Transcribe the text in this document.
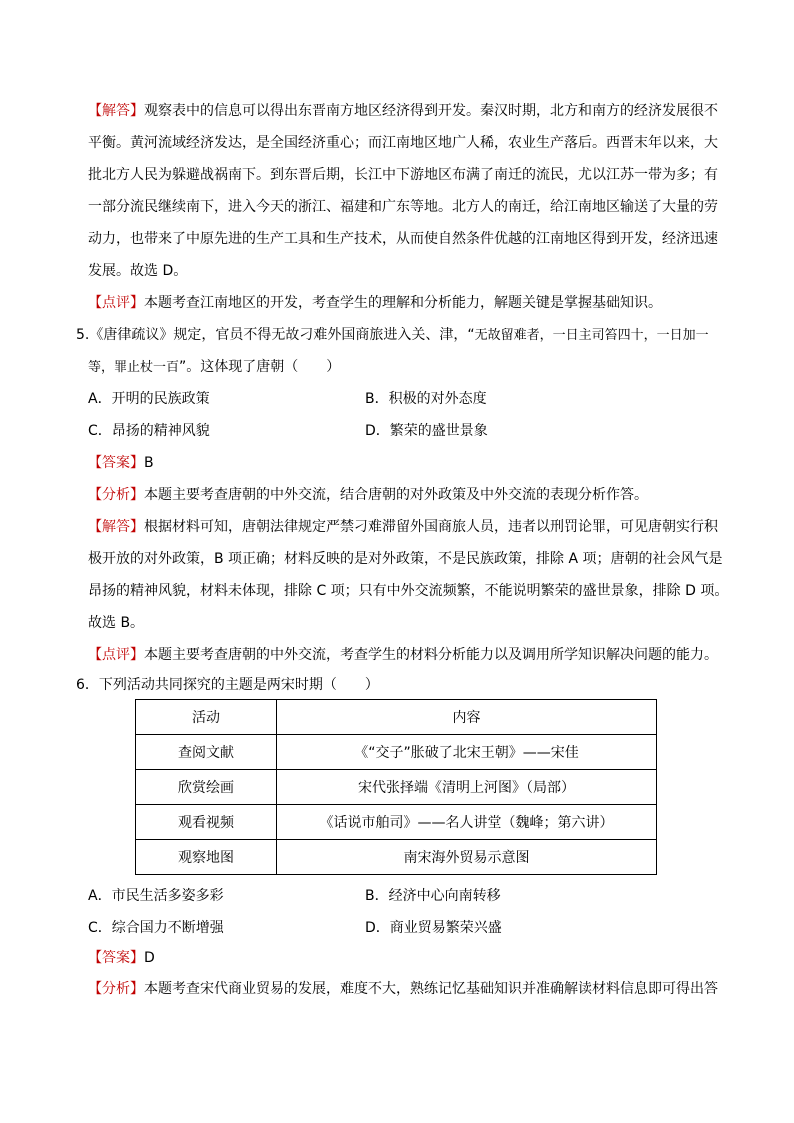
【解答】观察表中的信息可以得出东晋南方地区经济得到开发。秦汉时期，北方和南方的经济发展很不
平衡。黄河流域经济发达，是全国经济重心；而江南地区地广人稀，农业生产落后。西晋末年以来，大
批北方人民为躲避战祸南下。到东晋后期，长江中下游地区布满了南迁的流民，尤以江苏一带为多；有
一部分流民继续南下，进入今天的浙江、福建和广东等地。北方人的南迁，给江南地区输送了大量的劳
动力，也带来了中原先进的生产工具和生产技术，从而使自然条件优越的江南地区得到开发，经济迅速
发展。故选 D。
【点评】本题考查江南地区的开发，考查学生的理解和分析能力，解题关键是掌握基础知识。
5.《唐律疏议》规定，官员不得无故刁难外国商旅进入关、津，“无故留难者，一日主司笞四十，一日加一
等，罪止杖一百”。这体现了唐朝（　　）
A．开明的民族政策	B．积极的对外态度
C．昂扬的精神风貌	D．繁荣的盛世景象
【答案】B
【分析】本题主要考查唐朝的中外交流，结合唐朝的对外政策及中外交流的表现分析作答。
【解答】根据材料可知，唐朝法律规定严禁刁难滞留外国商旅人员，违者以刑罚论罪，可见唐朝实行积
极开放的对外政策，B 项正确；材料反映的是对外政策，不是民族政策，排除 A 项；唐朝的社会风气是
昂扬的精神风貌，材料未体现，排除 C 项；只有中外交流频繁，不能说明繁荣的盛世景象，排除 D 项。
故选 B。
【点评】本题主要考查唐朝的中外交流，考查学生的材料分析能力以及调用所学知识解决问题的能力。
6．下列活动共同探究的主题是两宋时期（　　）
活动	内容
查阅文献	《“交子”胀破了北宋王朝》——宋佳
欣赏绘画	宋代张择端《清明上河图》（局部）
观看视频	《话说市舶司》——名人讲堂（魏峰；第六讲）
观察地图	南宋海外贸易示意图
A．市民生活多姿多彩	B．经济中心向南转移
C．综合国力不断增强	D．商业贸易繁荣兴盛
【答案】D
【分析】本题考查宋代商业贸易的发展，难度不大，熟练记忆基础知识并准确解读材料信息即可得出答
